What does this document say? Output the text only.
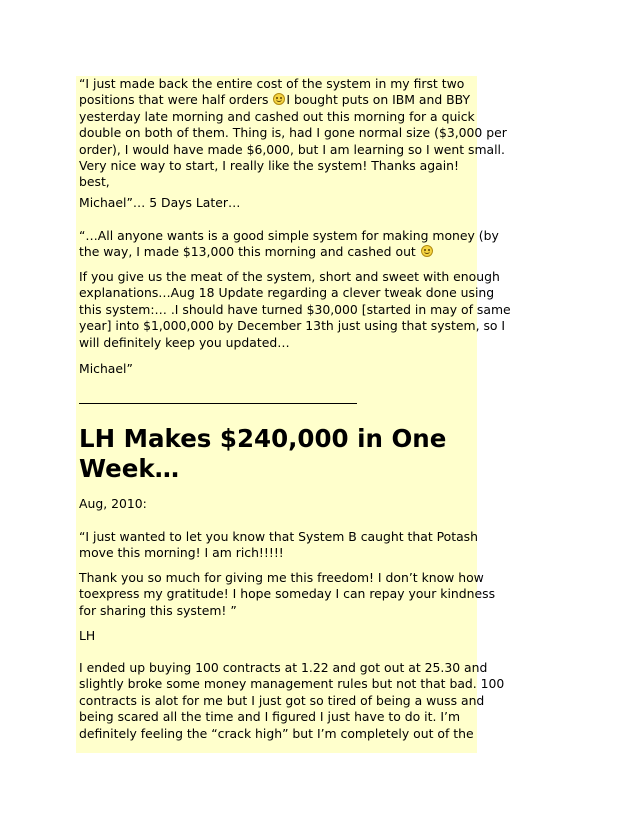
“I just made back the entire cost of the system in my first two
positions that were half orders I bought puts on IBM and BBY
yesterday late morning and cashed out this morning for a quick
double on both of them. Thing is, had I gone normal size ($3,000 per
order), I would have made $6,000, but I am learning so I went small.
Very nice way to start, I really like the system! Thanks again!
best,
Michael”… 5 Days Later…
“…All anyone wants is a good simple system for making money (by
the way, I made $13,000 this morning and cashed out
If you give us the meat of the system, short and sweet with enough
explanations…Aug 18 Update regarding a clever tweak done using
this system:… .I should have turned $30,000 [started in may of same
year] into $1,000,000 by December 13th just using that system, so I
will definitely keep you updated…
Michael”
LH Makes $240,000 in One
Week…
Aug, 2010:
“I just wanted to let you know that System B caught that Potash
move this morning! I am rich!!!!!
Thank you so much for giving me this freedom! I don’t know how
toexpress my gratitude! I hope someday I can repay your kindness
for sharing this system! ”
LH
I ended up buying 100 contracts at 1.22 and got out at 25.30 and
slightly broke some money management rules but not that bad. 100
contracts is alot for me but I just got so tired of being a wuss and
being scared all the time and I figured I just have to do it. I’m
definitely feeling the “crack high” but I’m completely out of the
